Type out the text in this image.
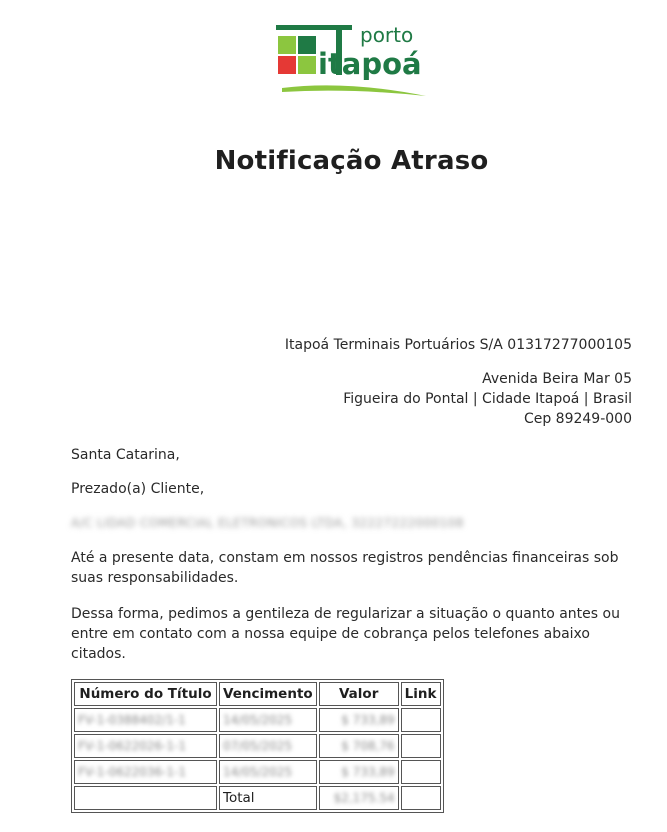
porto
itapoá
Notificação Atraso
Itapoá Terminais Portuários S/A 01317277000105
Avenida Beira Mar 05
Figueira do Pontal | Cidade Itapoá | Brasil
Cep 89249-000
Santa Catarina,
Prezado(a) Cliente,
A/C LIDAD COMERCIAL ELETRONICOS LTDA, 32227222000108
Até a presente data, constam em nossos registros pendências financeiras sob suas responsabilidades.
Dessa forma, pedimos a gentileza de regularizar a situação o quanto antes ou entre em contato com a nossa equipe de cobrança pelos telefones abaixo citados.
Número do Título	Vencimento	Valor	Link
FV-1-0388402/1-1	14/05/2025	$ 733,89	
FV-1-0622026-1-1	07/05/2025	$ 708,76	
FV-1-0622036-1-1	14/05/2025	$ 733,89	
	Total	$2,175.54	
